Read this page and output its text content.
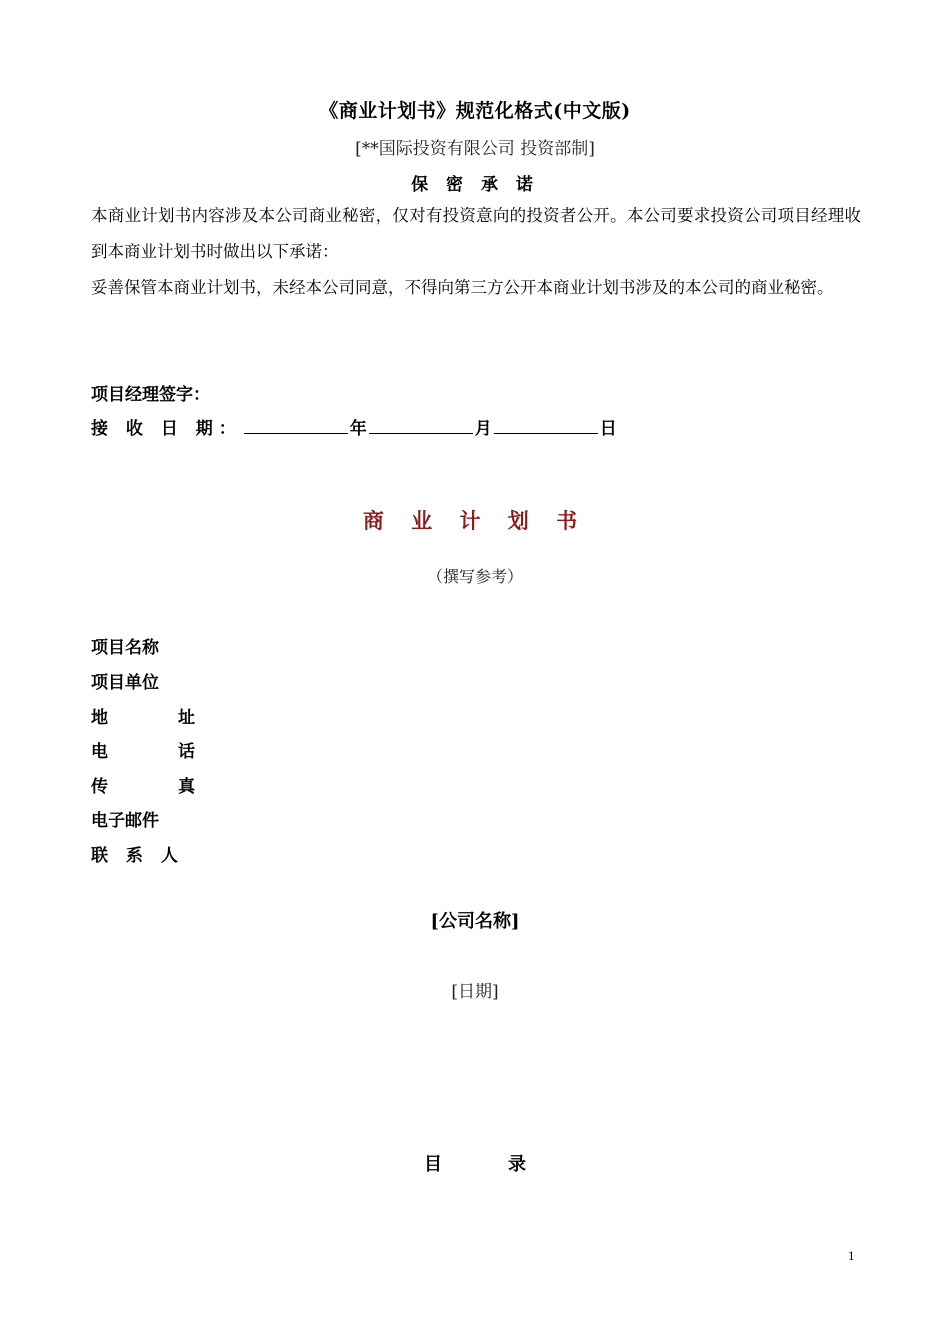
《商业计划书》规范化格式(中文版)
[**国际投资有限公司 投资部制]
保 密 承 诺
本商业计划书内容涉及本公司商业秘密，仅对有投资意向的投资者公开。本公司要求投资公司项目经理收到本商业计划书时做出以下承诺：
妥善保管本商业计划书，未经本公司同意，不得向第三方公开本商业计划书涉及的本公司的商业秘密。
项目经理签字：
接 收 日 期：	年	月	日
商 业 计 划 书
（撰写参考）
项目名称
项目单位
地	址
电	话
传	真
电子邮件
联 系 人
[公司名称]
[日期]
目	录
1
